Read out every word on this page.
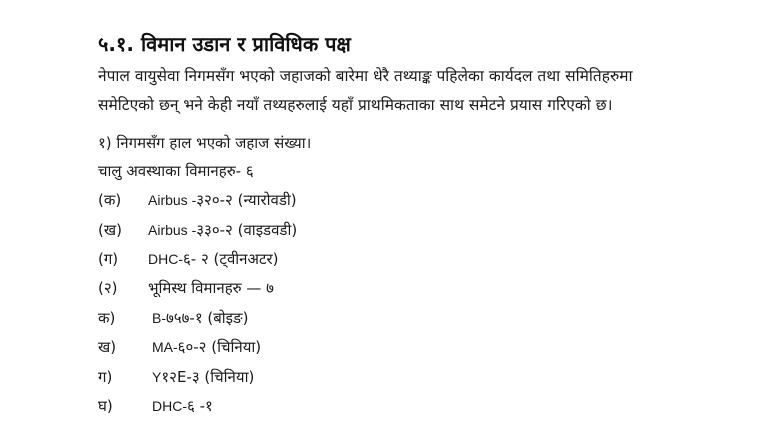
५.१. विमान उडान र प्राविधिक पक्ष
नेपाल वायुसेवा निगमसँग भएको जहाजको बारेमा धेरै तथ्याङ्क पहिलेका कार्यदल तथा समितिहरुमा
समेटिएको छन् भने केही नयाँ तथ्यहरुलाई यहाँ प्राथमिकताका साथ समेटने प्रयास गरिएको छ।
१) निगमसँग हाल भएको जहाज संख्या।
चालु अवस्थाका विमानहरु- ६
(क) Airbus -३२०-२ (न्यारोवडी)
(ख) Airbus -३३०-२ (वाइडवडी)
(ग) DHC-६- २ (ट्वीनअटर)
(२) भूमिस्थ विमानहरु — ७
क)	B-७५७-१ (बोइङ)
ख)	MA-६०-२ (चिनिया)
ग)	Y१२E-३ (चिनिया)
घ)	DHC-६ -१
